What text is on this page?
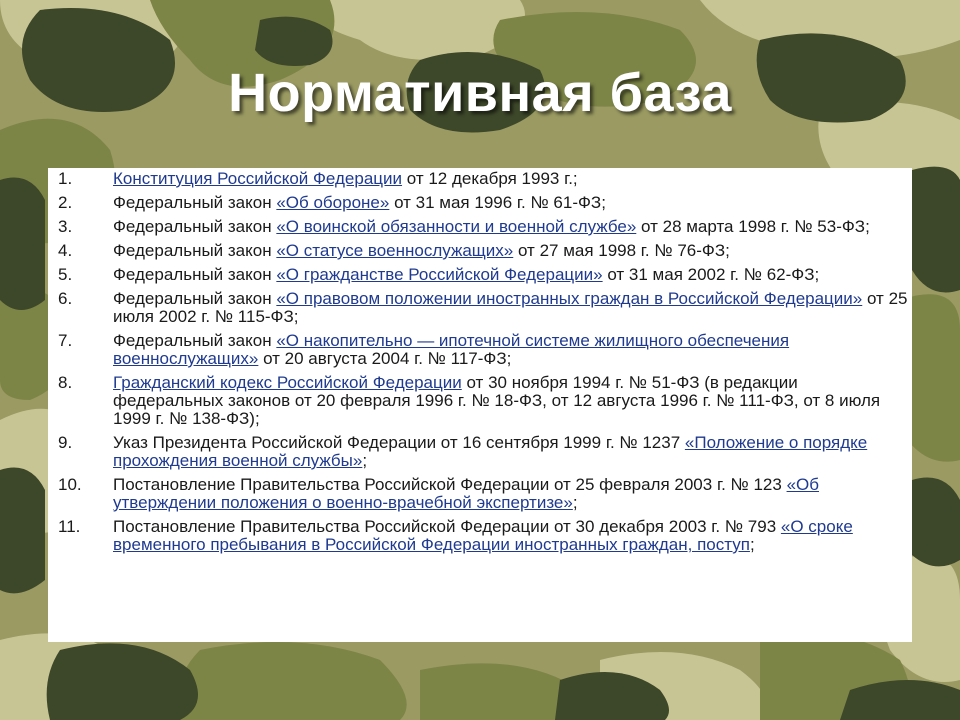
Нормативная база
1. Конституция Российской Федерации от 12 декабря 1993 г.;
2. Федеральный закон «Об обороне» от 31 мая 1996 г. № 61-ФЗ;
3. Федеральный закон «О воинской обязанности и военной службе» от 28 марта 1998 г. № 53-ФЗ;
4. Федеральный закон «О статусе военнослужащих» от 27 мая 1998 г. № 76-ФЗ;
5. Федеральный закон «О гражданстве Российской Федерации» от 31 мая 2002 г. № 62-ФЗ;
6. Федеральный закон «О правовом положении иностранных граждан в Российской Федерации» от 25 июля 2002 г. № 115-ФЗ;
7. Федеральный закон «О накопительно — ипотечной системе жилищного обеспечения военнослужащих» от 20 августа 2004 г. № 117-ФЗ;
8. Гражданский кодекс Российской Федерации от 30 ноября 1994 г. № 51-ФЗ (в редакции федеральных законов от 20 февраля 1996 г. № 18-ФЗ, от 12 августа 1996 г. № 111-ФЗ, от 8 июля 1999 г. № 138-ФЗ);
9. Указ Президента Российской Федерации от 16 сентября 1999 г. № 1237 «Положение о порядке прохождения военной службы»;
10. Постановление Правительства Российской Федерации от 25 февраля 2003 г. № 123 «Об утверждении положения о военно-врачебной экспертизе»;
11. Постановление Правительства Российской Федерации от 30 декабря 2003 г. № 793 «О сроке временного пребывания в Российской Федерации иностранных граждан, поступ;
